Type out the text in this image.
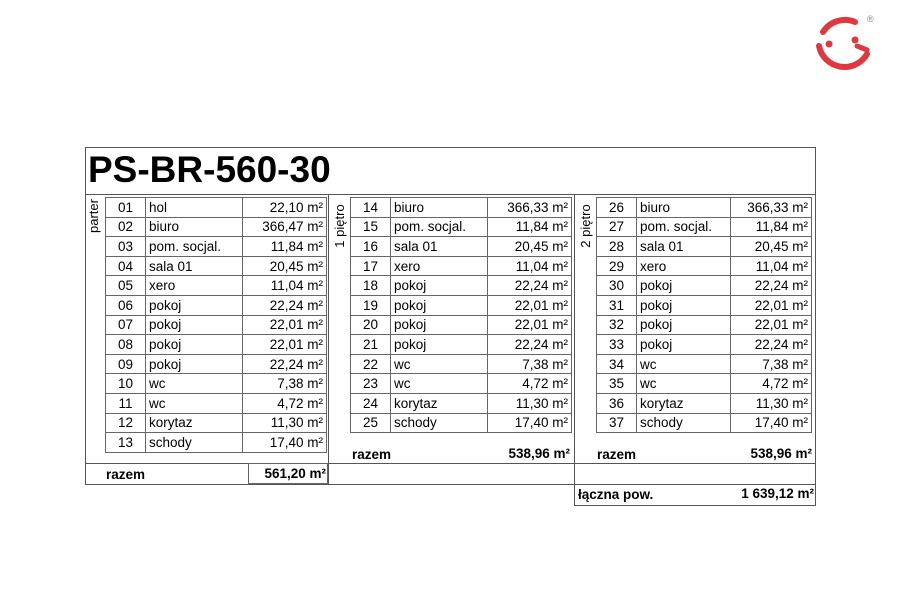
®
PS-BR-560-30
parter 01	hol	22,10 m²
02	biuro	366,47 m²
03	pom. socjal.	11,84 m²
04	sala 01	20,45 m²
05	xero	11,04 m²
06	pokoj	22,24 m²
07	pokoj	22,01 m²
08	pokoj	22,01 m²
09	pokoj	22,24 m²
10	wc	7,38 m²
11	wc	4,72 m²
12	korytaz	11,30 m²
13	schody	17,40 m²
razem	561,20 m²
1 piętro 14	biuro	366,33 m²
15	pom. socjal.	11,84 m²
16	sala 01	20,45 m²
17	xero	11,04 m²
18	pokoj	22,24 m²
19	pokoj	22,01 m²
20	pokoj	22,01 m²
21	pokoj	22,24 m²
22	wc	7,38 m²
23	wc	4,72 m²
24	korytaz	11,30 m²
25	schody	17,40 m²
razem	538,96 m²
2 piętro 26	biuro	366,33 m²
27	pom. socjal.	11,84 m²
28	sala 01	20,45 m²
29	xero	11,04 m²
30	pokoj	22,24 m²
31	pokoj	22,01 m²
32	pokoj	22,01 m²
33	pokoj	22,24 m²
34	wc	7,38 m²
35	wc	4,72 m²
36	korytaz	11,30 m²
37	schody	17,40 m²
razem	538,96 m²
łączna pow.	1 639,12 m²
